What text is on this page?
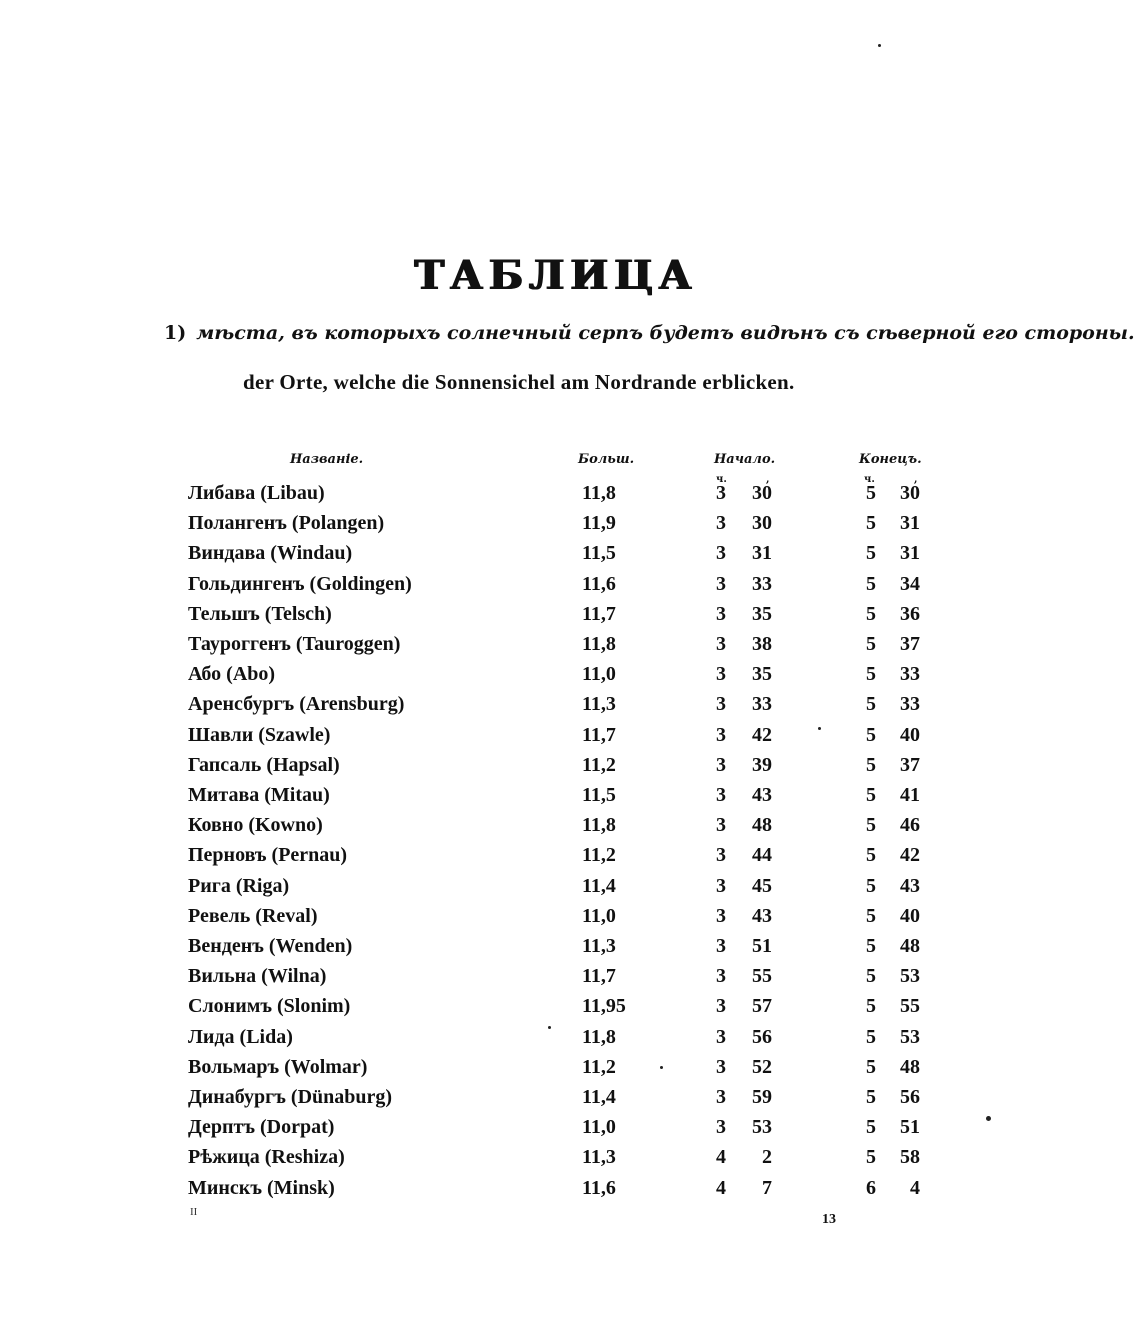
ТАБЛИЦА
1) мѣста, въ которыхъ солнечный серпъ будетъ видѣнъ съ сѣверной его стороны.
der Orte, welche die Sonnensichel am Nordrande erblicken.
Названіе.	Больш.	Начало.	Конецъ.
ч.	,	ч.	,
Либава (Libau)	11,8	3	30	5	30
Полангенъ (Polangen)	11,9	3	30	5	31
Виндава (Windau)	11,5	3	31	5	31
Гольдингенъ (Goldingen)	11,6	3	33	5	34
Тельшъ (Telsch)	11,7	3	35	5	36
Тауроггенъ (Tauroggen)	11,8	3	38	5	37
Або (Abo)	11,0	3	35	5	33
Аренсбургъ (Arensburg)	11,3	3	33	5	33
Шавли (Szawle)	11,7	3	42	5	40
Гапсаль (Hapsal)	11,2	3	39	5	37
Митава (Mitau)	11,5	3	43	5	41
Ковно (Kowno)	11,8	3	48	5	46
Перновъ (Pernau)	11,2	3	44	5	42
Рига (Riga)	11,4	3	45	5	43
Ревель (Reval)	11,0	3	43	5	40
Венденъ (Wenden)	11,3	3	51	5	48
Вильна (Wilna)	11,7	3	55	5	53
Слонимъ (Slonim)	11,95	3	57	5	55
Лида (Lida)	11,8	3	56	5	53
Вольмаръ (Wolmar)	11,2	3	52	5	48
Динабургъ (Dünaburg)	11,4	3	59	5	56
Дерптъ (Dorpat)	11,0	3	53	5	51
Рѣжица (Reshiza)	11,3	4	2	5	58
Минскъ (Minsk)	11,6	4	7	6	4
II	13
